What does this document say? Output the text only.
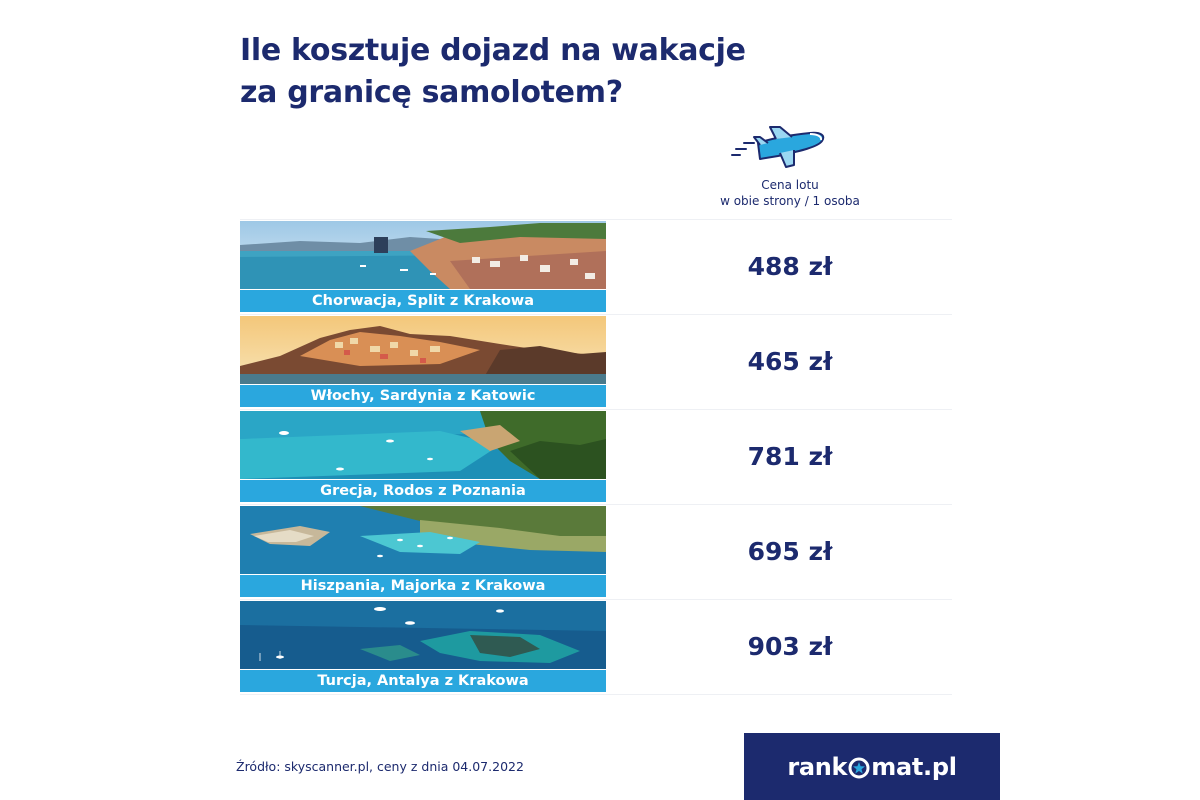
Ile kosztuje dojazd na wakacje
za granicę samolotem?
Cena lotu
w obie strony / 1 osoba
Chorwacja, Split z Krakowa
488 zł
Włochy, Sardynia z Katowic
465 zł
Grecja, Rodos z Poznania
781 zł
Hiszpania, Majorka z Krakowa
695 zł
Turcja, Antalya z Krakowa
903 zł
Źródło: skyscanner.pl, ceny z dnia 04.07.2022	rank mat.pl
